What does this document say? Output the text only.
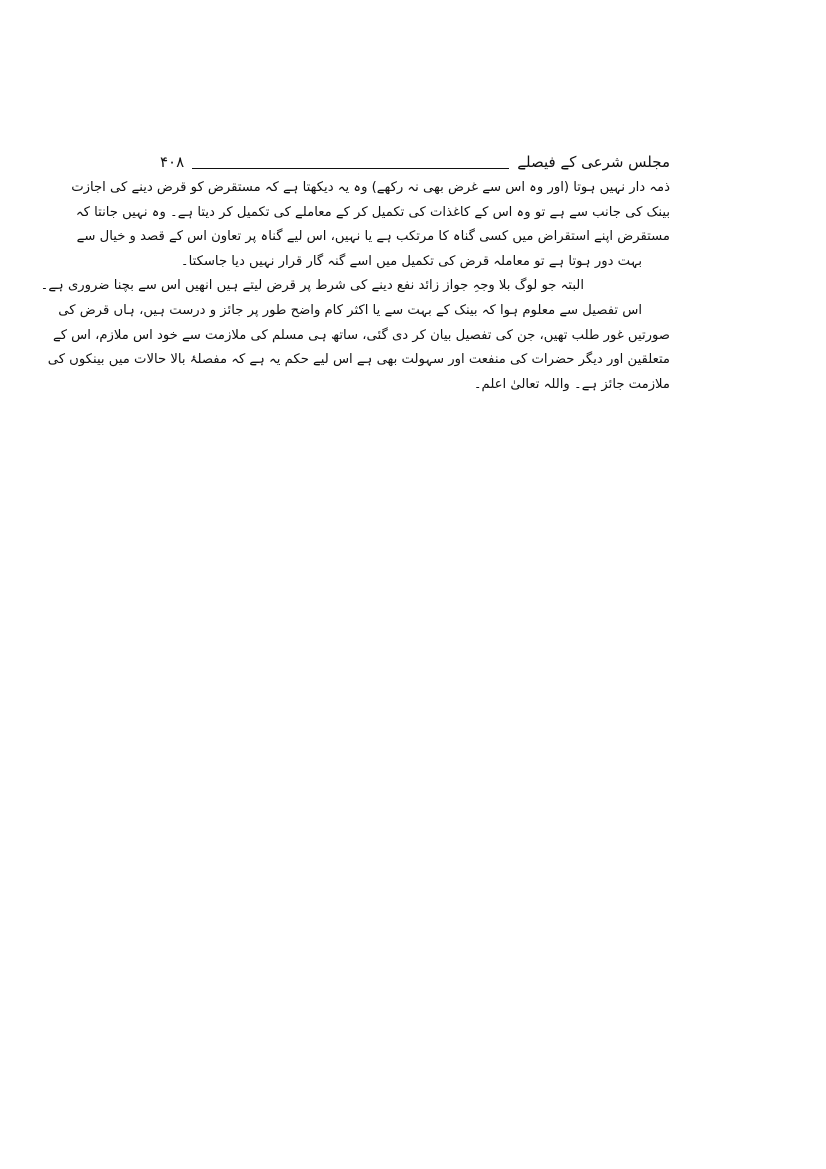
مجلس شرعی کے فیصلے
۴۰۸
ذمہ دار نہیں ہوتا (اور وہ اس سے غرض بھی نہ رکھے) وہ یہ دیکھتا ہے کہ مستقرض کو قرض دینے کی اجازت
بینک کی جانب سے ہے تو وہ اس کے کاغذات کی تکمیل کر کے معاملے کی تکمیل کر دیتا ہے۔ وہ نہیں جانتا کہ
مستقرض اپنے استقراض میں کسی گناہ کا مرتکب ہے یا نہیں، اس لیے گناہ پر تعاون اس کے قصد و خیال سے
بہت دور ہوتا ہے تو معاملہ قرض کی تکمیل میں اسے گنہ گار قرار نہیں دیا جاسکتا۔
البتہ جو لوگ بلا وجہِ جواز زائد نفع دینے کی شرط پر قرض لیتے ہیں انھیں اس سے بچنا ضروری ہے۔
اس تفصیل سے معلوم ہوا کہ بینک کے بہت سے یا اکثر کام واضح طور پر جائز و درست ہیں، ہاں قرض کی
صورتیں غور طلب تھیں، جن کی تفصیل بیان کر دی گئی، ساتھ ہی مسلم کی ملازمت سے خود اس ملازم، اس کے
متعلقین اور دیگر حضرات کی منفعت اور سہولت بھی ہے اس لیے حکم یہ ہے کہ مفصلۂ بالا حالات میں بینکوں کی
ملازمت جائز ہے۔ واللہ تعالیٰ اعلم۔
